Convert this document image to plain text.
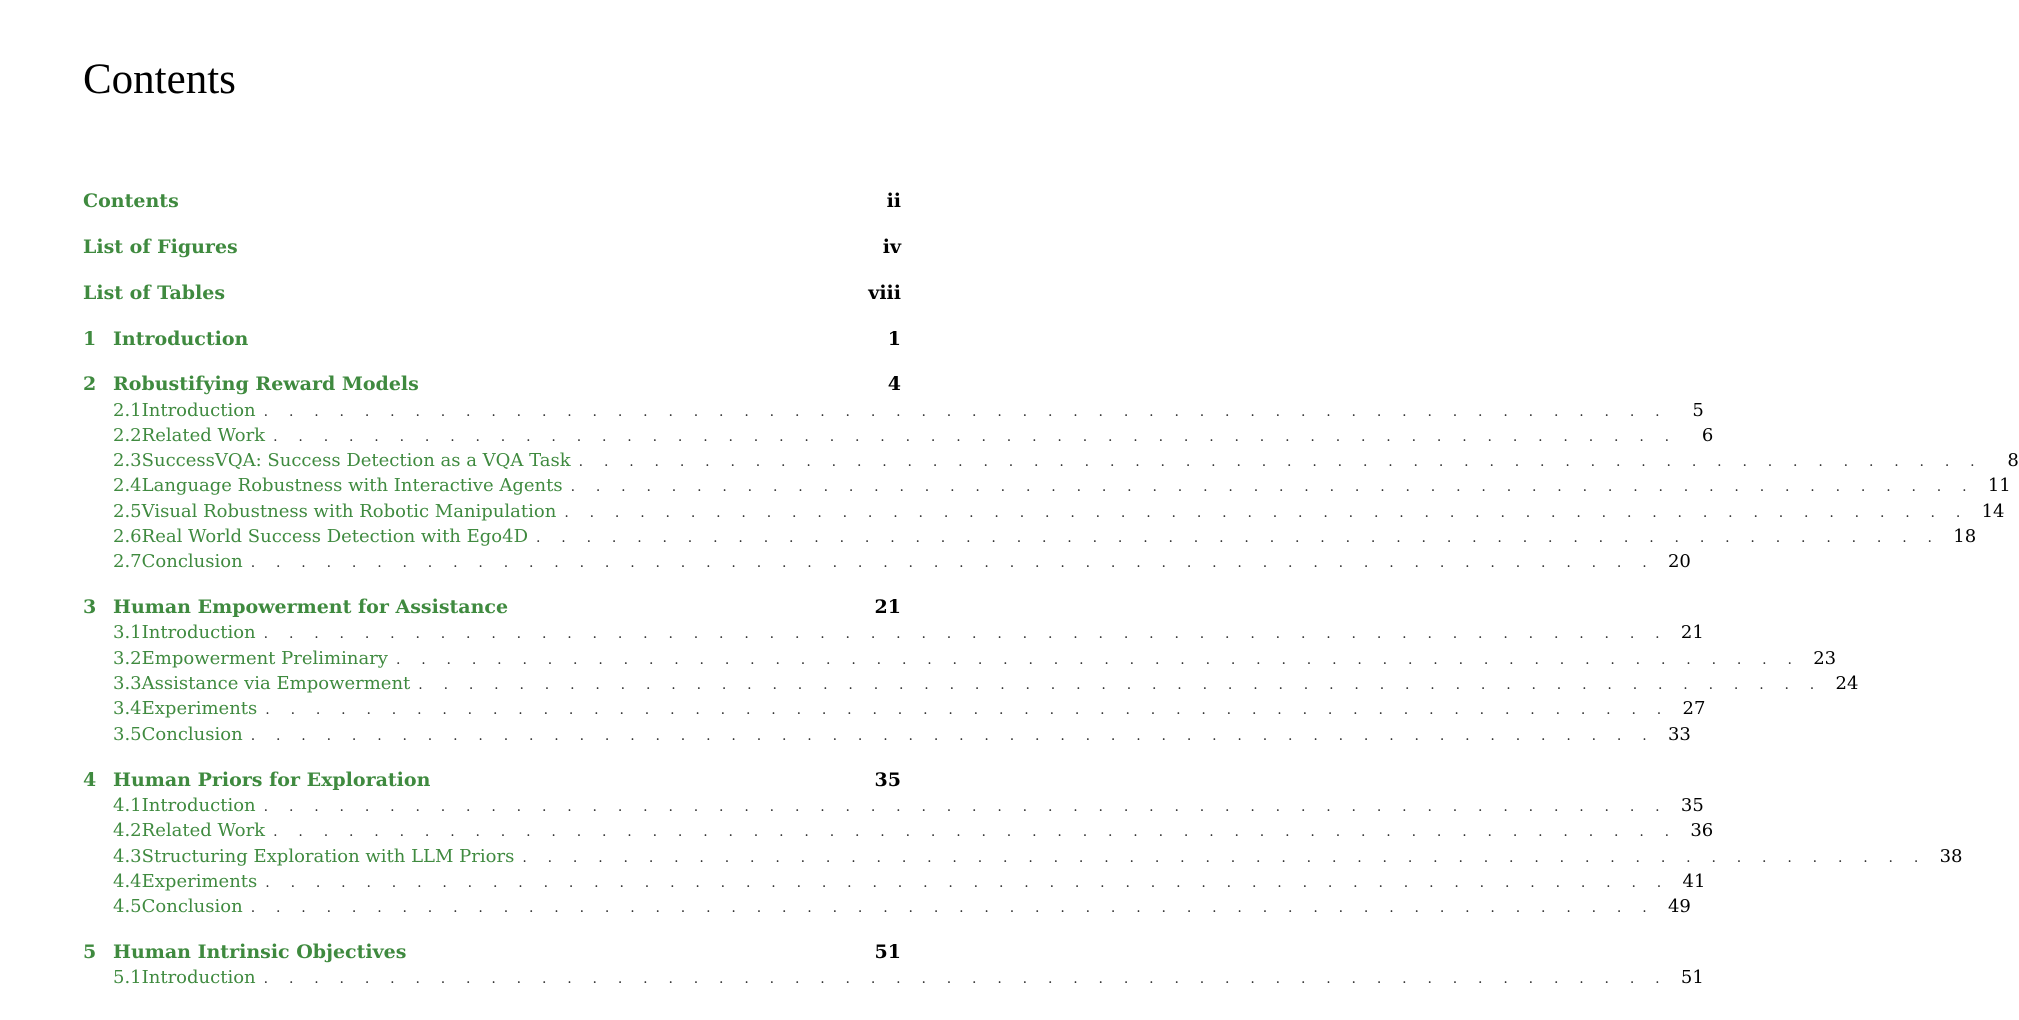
Contents
Contents	ii
List of Figures	iv
List of Tables	viii
1 Introduction	1
2 Robustifying Reward Models	4
2.1 Introduction . . . . . . . . . . . . . . . . . . . . . . . . . . . . . . . . . . . . . . . . . . . . . . . . . . . . . . . .	5
2.2 Related Work . . . . . . . . . . . . . . . . . . . . . . . . . . . . . . . . . . . . . . . . . . . . . . . . . . . . . . . .	6
2.3 SuccessVQA: Success Detection as a VQA Task . . . . . . . . . . . . . . . . . . . . . . . . . . . . . . . . . . . . . . . . . . . . . . . . . . . . . . . .	8
2.4 Language Robustness with Interactive Agents . . . . . . . . . . . . . . . . . . . . . . . . . . . . . . . . . . . . . . . . . . . . . . . . . . . . . . . . 11
2.5 Visual Robustness with Robotic Manipulation . . . . . . . . . . . . . . . . . . . . . . . . . . . . . . . . . . . . . . . . . . . . . . . . . . . . . . . . 14
2.6 Real World Success Detection with Ego4D . . . . . . . . . . . . . . . . . . . . . . . . . . . . . . . . . . . . . . . . . . . . . . . . . . . . . . . . 18
2.7 Conclusion . . . . . . . . . . . . . . . . . . . . . . . . . . . . . . . . . . . . . . . . . . . . . . . . . . . . . . . . 20
3 Human Empowerment for Assistance	21
3.1 Introduction . . . . . . . . . . . . . . . . . . . . . . . . . . . . . . . . . . . . . . . . . . . . . . . . . . . . . . . . 21
3.2 Empowerment Preliminary . . . . . . . . . . . . . . . . . . . . . . . . . . . . . . . . . . . . . . . . . . . . . . . . . . . . . . . . 23
3.3 Assistance via Empowerment . . . . . . . . . . . . . . . . . . . . . . . . . . . . . . . . . . . . . . . . . . . . . . . . . . . . . . . . 24
3.4 Experiments . . . . . . . . . . . . . . . . . . . . . . . . . . . . . . . . . . . . . . . . . . . . . . . . . . . . . . . . 27
3.5 Conclusion . . . . . . . . . . . . . . . . . . . . . . . . . . . . . . . . . . . . . . . . . . . . . . . . . . . . . . . . 33
4 Human Priors for Exploration	35
4.1 Introduction . . . . . . . . . . . . . . . . . . . . . . . . . . . . . . . . . . . . . . . . . . . . . . . . . . . . . . . . 35
4.2 Related Work . . . . . . . . . . . . . . . . . . . . . . . . . . . . . . . . . . . . . . . . . . . . . . . . . . . . . . . . 36
4.3 Structuring Exploration with LLM Priors . . . . . . . . . . . . . . . . . . . . . . . . . . . . . . . . . . . . . . . . . . . . . . . . . . . . . . . . 38
4.4 Experiments . . . . . . . . . . . . . . . . . . . . . . . . . . . . . . . . . . . . . . . . . . . . . . . . . . . . . . . . 41
4.5 Conclusion . . . . . . . . . . . . . . . . . . . . . . . . . . . . . . . . . . . . . . . . . . . . . . . . . . . . . . . . 49
5 Human Intrinsic Objectives	51
5.1 Introduction . . . . . . . . . . . . . . . . . . . . . . . . . . . . . . . . . . . . . . . . . . . . . . . . . . . . . . . . 51
